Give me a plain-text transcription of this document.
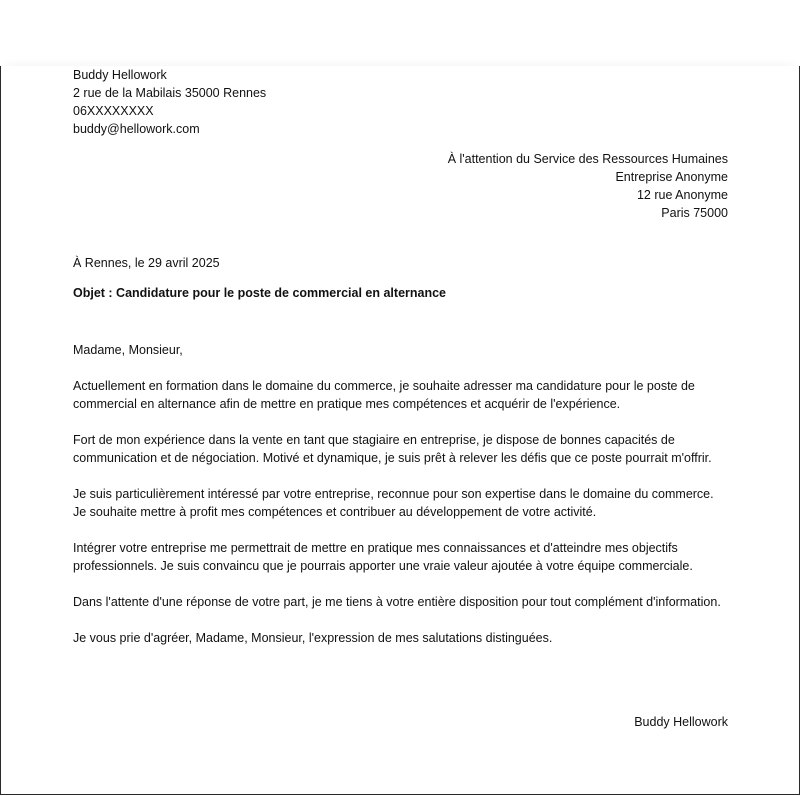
Buddy Hellowork
2 rue de la Mabilais 35000 Rennes
06XXXXXXXX
buddy@hellowork.com
À l'attention du Service des Ressources Humaines
Entreprise Anonyme
12 rue Anonyme
Paris 75000
À Rennes, le 29 avril 2025
Objet : Candidature pour le poste de commercial en alternance

Madame, Monsieur,

Actuellement en formation dans le domaine du commerce, je souhaite adresser ma candidature pour le poste de commercial en alternance afin de mettre en pratique mes compétences et acquérir de l'expérience.

Fort de mon expérience dans la vente en tant que stagiaire en entreprise, je dispose de bonnes capacités de communication et de négociation. Motivé et dynamique, je suis prêt à relever les défis que ce poste pourrait m'offrir.

Je suis particulièrement intéressé par votre entreprise, reconnue pour son expertise dans le domaine du commerce. Je souhaite mettre à profit mes compétences et contribuer au développement de votre activité.

Intégrer votre entreprise me permettrait de mettre en pratique mes connaissances et d'atteindre mes objectifs professionnels. Je suis convaincu que je pourrais apporter une vraie valeur ajoutée à votre équipe commerciale.

Dans l'attente d'une réponse de votre part, je me tiens à votre entière disposition pour tout complément d'information.

Je vous prie d'agréer, Madame, Monsieur, l'expression de mes salutations distinguées.

Buddy Hellowork
